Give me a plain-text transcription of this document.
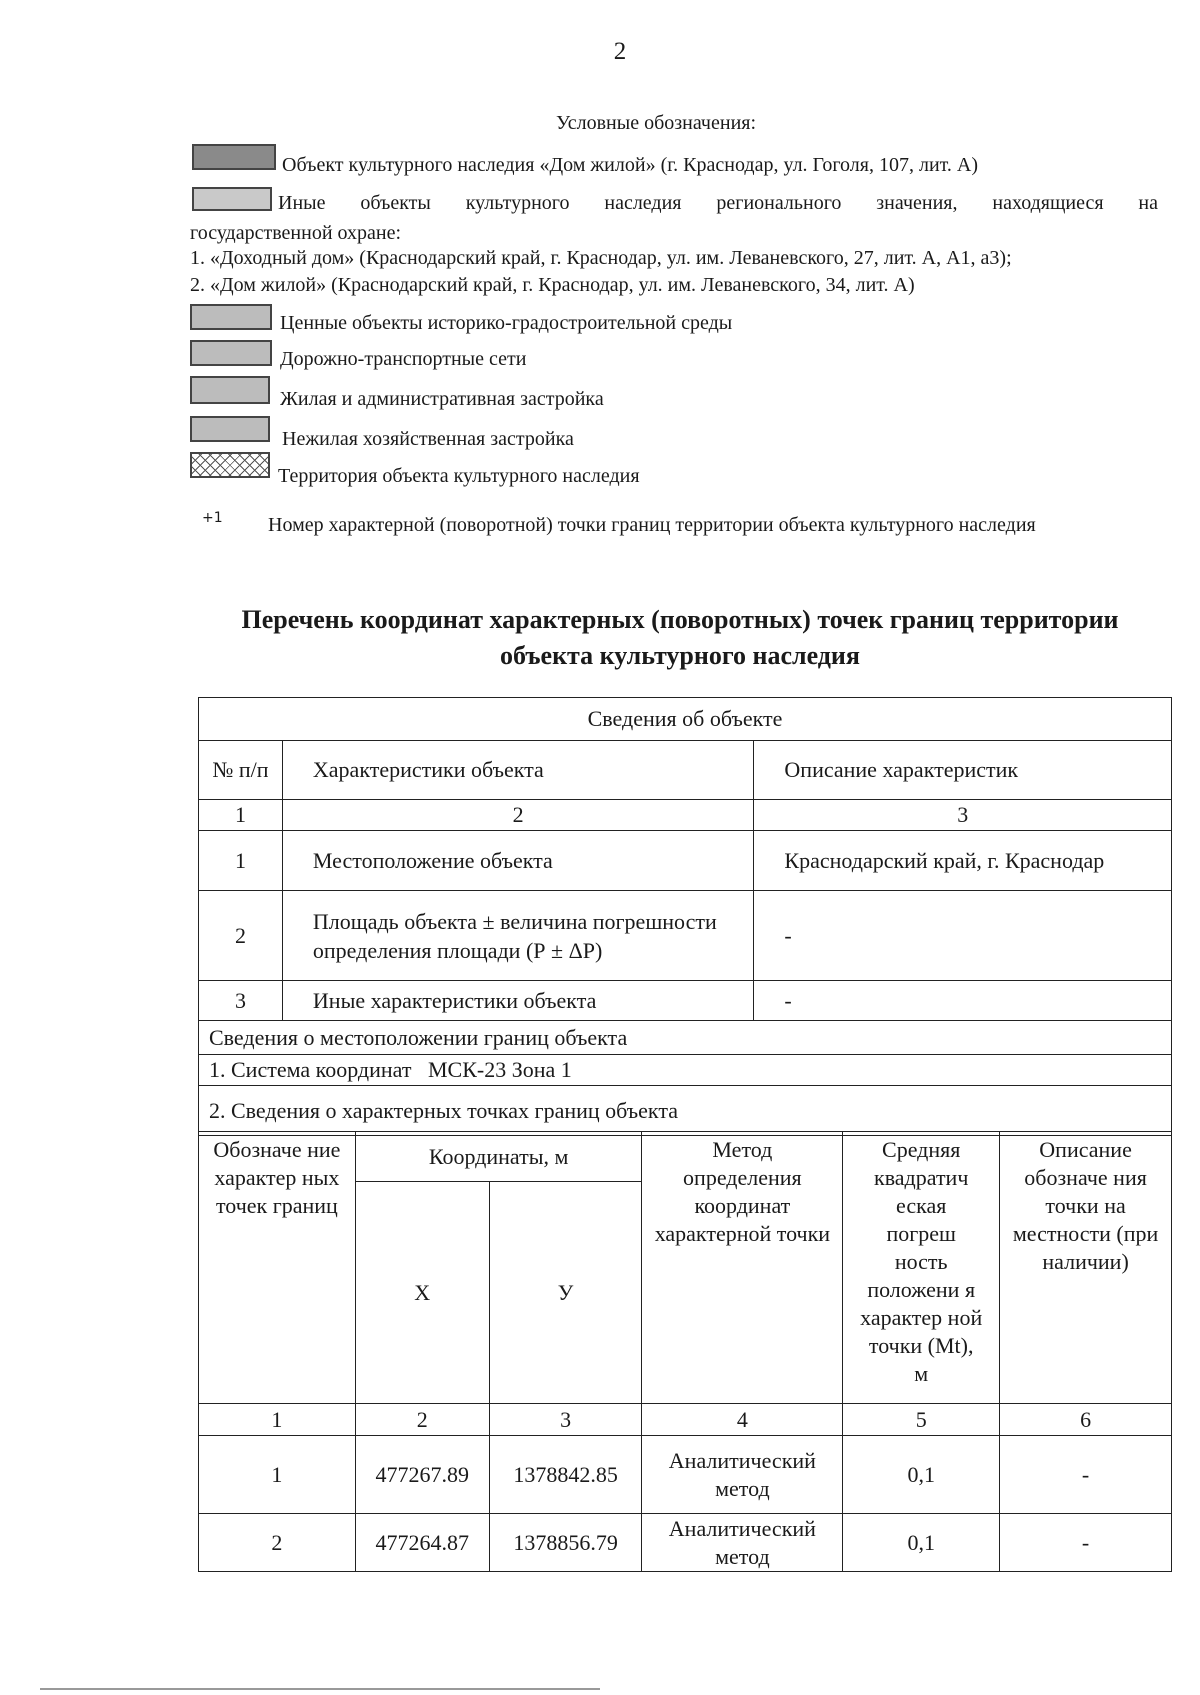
2
Условные обозначения:
Объект культурного наследия «Дом жилой» (г. Краснодар, ул. Гоголя, 107, лит. А)
Иные объекты культурного наследия регионального значения, находящиеся на
государственной охране:
1. «Доходный дом» (Краснодарский край, г. Краснодар, ул. им. Леваневского, 27, лит. А, А1, а3);
2. «Дом жилой» (Краснодарский край, г. Краснодар, ул. им. Леваневского, 34, лит. А)
Ценные объекты историко-градостроительной среды
Дорожно-транспортные сети
Жилая и административная застройка
Нежилая хозяйственная застройка
Территория объекта культурного наследия
+1 Номер характерной (поворотной) точки границ территории объекта культурного наследия
Перечень координат характерных (поворотных) точек границ территории
объекта культурного наследия
Сведения об объекте		
№ п/п	Характеристики объекта	Описание характеристик
1	2	3
1	Местоположение объекта	Краснодарский край, г. Краснодар
2	Площадь объекта ± величина погрешности определения площади (Р ± ΔР)	-
3	Иные характеристики объекта	-
Сведения о местоположении границ объекта		
1. Система координат   МСК-23 Зона 1		
2. Сведения о характерных точках границ объекта		
Обозначе ние характер ных точек границ	Координаты, м		Метод определения координат характерной точки	Средняя квадратич еская погреш ность положени я характер ной точки (Mt), м	Описание обозначе ния точки на местности (при наличии)
	Х	У			
1	2	3	4	5	6
1	477267.89	1378842.85	Аналитический метод	0,1	-
2	477264.87	1378856.79	Аналитический метод	0,1	-
